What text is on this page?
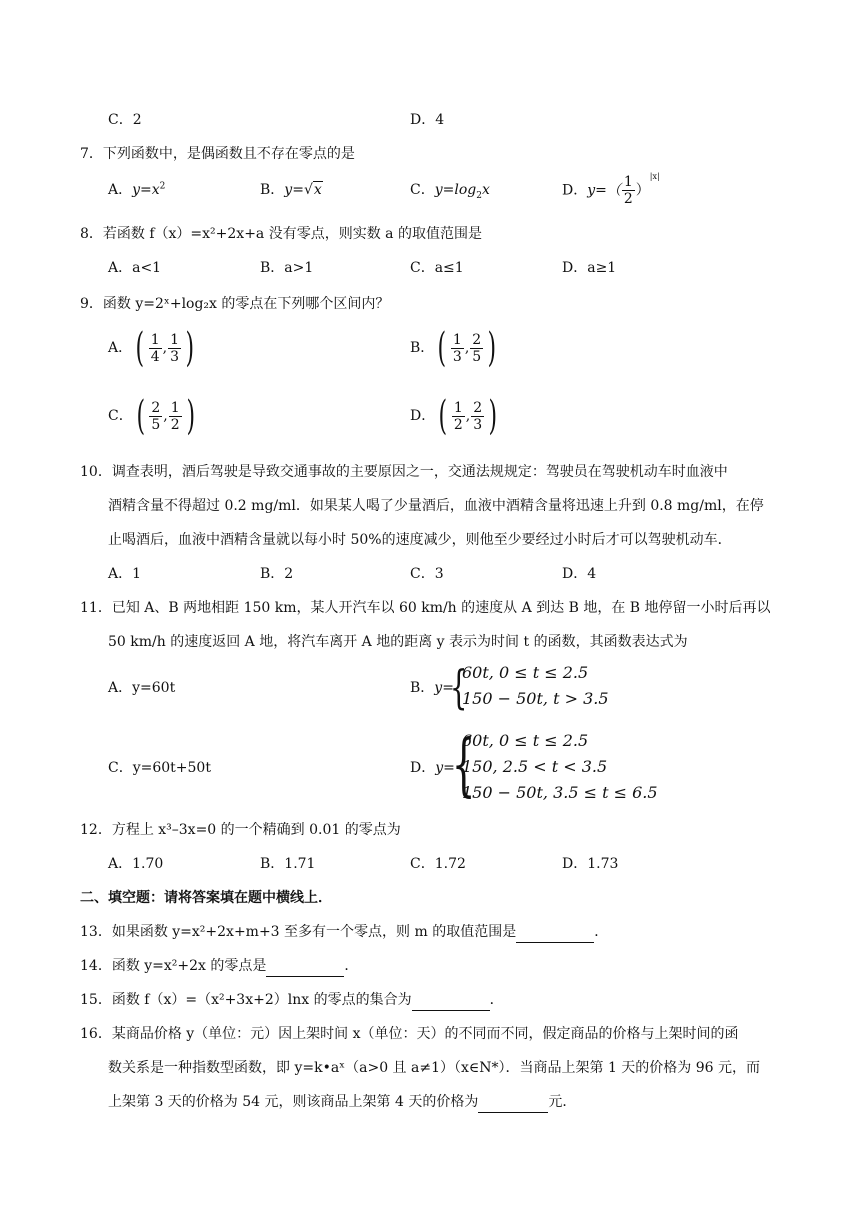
C．2	D．4
7．下列函数中，是偶函数且不存在零点的是
A．$y=x^2$	B．y=√x	C．$y=\log_2x$	D．$y=( \frac{1}{2} )^{|x|}$
8．若函数 f（x）=x²+2x+a 没有零点，则实数 a 的取值范围是
A．a<1	B．a>1	C．a≤1	D．a≥1
9．函数 y=2ˣ+log₂x 的零点在下列哪个区间内？
A．( $\frac{1}{4}$ , $\frac{1}{3}$ )	B．( $\frac{1}{3}$ , $\frac{2}{5}$ )
C．( $\frac{2}{5}$ , $\frac{1}{2}$ )	D．( $\frac{1}{2}$ , $\frac{2}{3}$ )
10．调查表明，酒后驾驶是导致交通事故的主要原因之一，交通法规规定：驾驶员在驾驶机动车时血液中
酒精含量不得超过 0.2 mg/ml．如果某人喝了少量酒后，血液中酒精含量将迅速上升到 0.8 mg/ml，在停
止喝酒后，血液中酒精含量就以每小时 50%的速度减少，则他至少要经过小时后才可以驾驶机动车．
A．1	B．2	C．3	D．4
11．已知 A、B 两地相距 150 km，某人开汽车以 60 km/h 的速度从 A 到达 B 地，在 B 地停留一小时后再以
50 km/h 的速度返回 A 地，将汽车离开 A 地的距离 y 表示为时间 t 的函数，其函数表达式为
A．y=60t	B．y=
{
60t, 0 ≤ t ≤ 2.5
150 − 50t, t > 3.5
C．y=60t+50t	D．y=
{
60t, 0 ≤ t ≤ 2.5
150, 2.5 < t < 3.5
150 − 50t, 3.5 ≤ t ≤ 6.5
12．方程上 x³–3x=0 的一个精确到 0.01 的零点为
A．1.70	B．1.71	C．1.72	D．1.73
二、填空题：请将答案填在题中横线上．
13．如果函数 y=x²+2x+m+3 至多有一个零点，则 m 的取值范围是	．
14．函数 y=x²+2x 的零点是	．
15．函数 f（x）=（x²+3x+2）lnx 的零点的集合为	．
16．某商品价格 y（单位：元）因上架时间 x（单位：天）的不同而不同，假定商品的价格与上架时间的函
数关系是一种指数型函数，即 y=k•aˣ（a>0 且 a≠1）（x∈N*）．当商品上架第 1 天的价格为 96 元，而
上架第 3 天的价格为 54 元，则该商品上架第 4 天的价格为	元．
